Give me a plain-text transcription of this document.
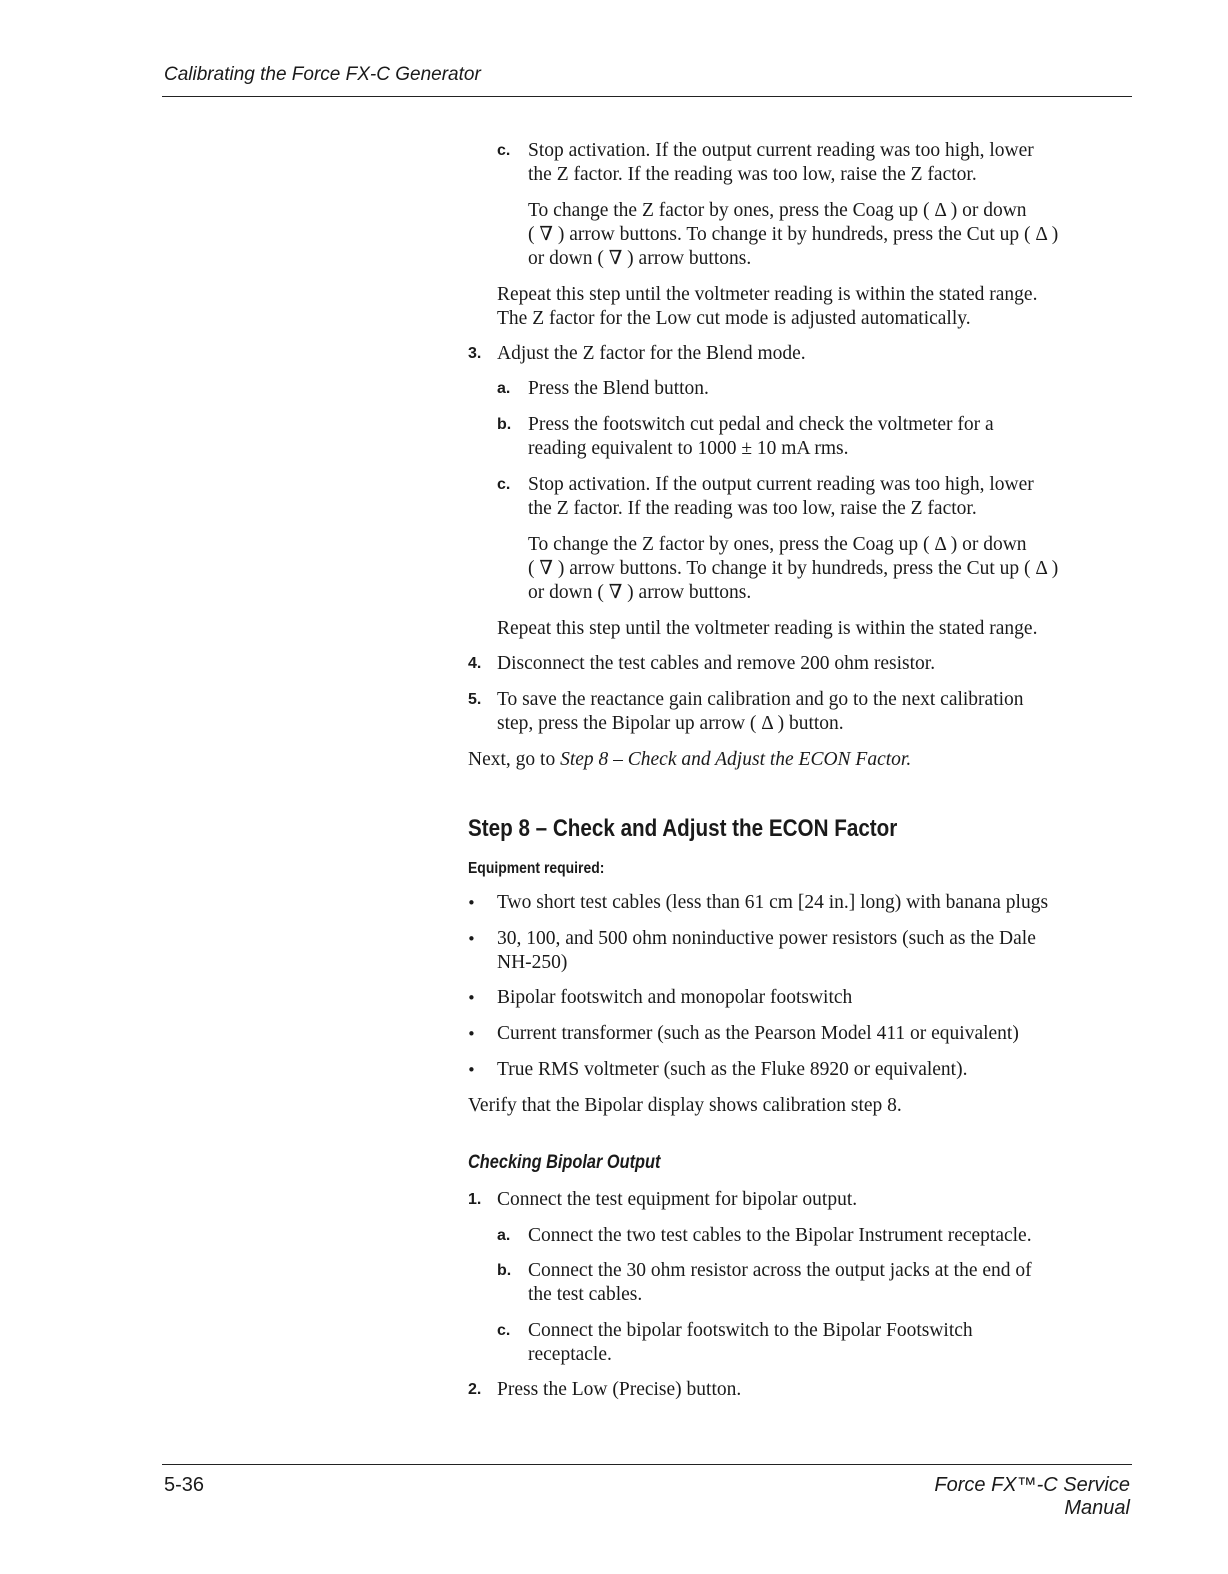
Calibrating the Force FX-C Generator
c. Stop activation. If the output current reading was too high, lower
the Z factor. If the reading was too low, raise the Z factor.
To change the Z factor by ones, press the Coag up ( Δ ) or down
( ∇ ) arrow buttons. To change it by hundreds, press the Cut up ( Δ )
or down ( ∇ ) arrow buttons.
Repeat this step until the voltmeter reading is within the stated range.
The Z factor for the Low cut mode is adjusted automatically.
3. Adjust the Z factor for the Blend mode.
a. Press the Blend button.
b. Press the footswitch cut pedal and check the voltmeter for a
reading equivalent to 1000 ± 10 mA rms.
c. Stop activation. If the output current reading was too high, lower
the Z factor. If the reading was too low, raise the Z factor.
To change the Z factor by ones, press the Coag up ( Δ ) or down
( ∇ ) arrow buttons. To change it by hundreds, press the Cut up ( Δ )
or down ( ∇ ) arrow buttons.
Repeat this step until the voltmeter reading is within the stated range.
4. Disconnect the test cables and remove 200 ohm resistor.
5. To save the reactance gain calibration and go to the next calibration
step, press the Bipolar up arrow ( Δ ) button.
Next, go to Step 8 – Check and Adjust the ECON Factor.
Step 8 – Check and Adjust the ECON Factor
Equipment required:
• Two short test cables (less than 61 cm [24 in.] long) with banana plugs
• 30, 100, and 500 ohm noninductive power resistors (such as the Dale
NH-250)
• Bipolar footswitch and monopolar footswitch
• Current transformer (such as the Pearson Model 411 or equivalent)
• True RMS voltmeter (such as the Fluke 8920 or equivalent).
Verify that the Bipolar display shows calibration step 8.
Checking Bipolar Output
1. Connect the test equipment for bipolar output.
a. Connect the two test cables to the Bipolar Instrument receptacle.
b. Connect the 30 ohm resistor across the output jacks at the end of
the test cables.
c. Connect the bipolar footswitch to the Bipolar Footswitch
receptacle.
2. Press the Low (Precise) button.
5-36	Force FX™-C Service Manual
